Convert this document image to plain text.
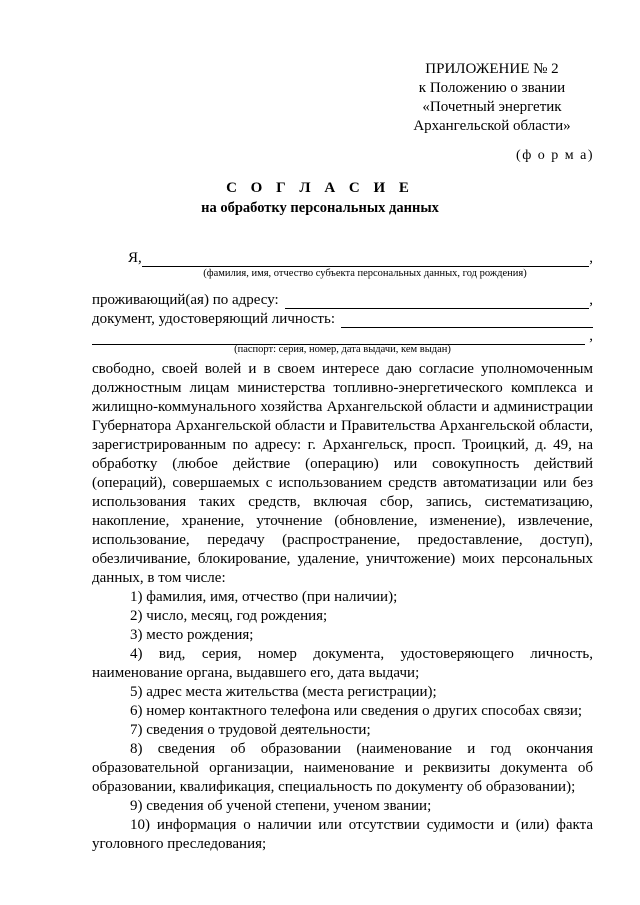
ПРИЛОЖЕНИЕ № 2
к Положению о звании
«Почетный энергетик
Архангельской области»
(ф о р м а)
С О Г Л А С И Е
на обработку персональных данных
Я,	,
(фамилия, имя, отчество субъекта персональных данных, год рождения)
проживающий(ая) по адресу:	,
документ, удостоверяющий личность:
,
(паспорт: серия, номер, дата выдачи, кем выдан)

свободно, своей волей и в своем интересе даю согласие уполномоченным должностным лицам министерства топливно-энергетического комплекса и жилищно-коммунального хозяйства Архангельской области и администрации Губернатора Архангельской области и Правительства Архангельской области, зарегистрированным по адресу: г. Архангельск, просп. Троицкий, д. 49, на обработку (любое действие (операцию) или совокупность действий (операций), совершаемых с использованием средств автоматизации или без использования таких средств, включая сбор, запись, систематизацию, накопление, хранение, уточнение (обновление, изменение), извлечение, использование, передачу (распространение, предоставление, доступ), обезличивание, блокирование, удаление, уничтожение) моих персональных данных, в том числе:

1) фамилия, имя, отчество (при наличии);

2) число, месяц, год рождения;

3) место рождения;

4) вид, серия, номер документа, удостоверяющего личность, наименование органа, выдавшего его, дата выдачи;

5) адрес места жительства (места регистрации);

6) номер контактного телефона или сведения о других способах связи;

7) сведения о трудовой деятельности;

8) сведения об образовании (наименование и год окончания образовательной организации, наименование и реквизиты документа об образовании, квалификация, специальность по документу об образовании);

9) сведения об ученой степени, ученом звании;

10) информация о наличии или отсутствии судимости и (или) факта уголовного преследования;
